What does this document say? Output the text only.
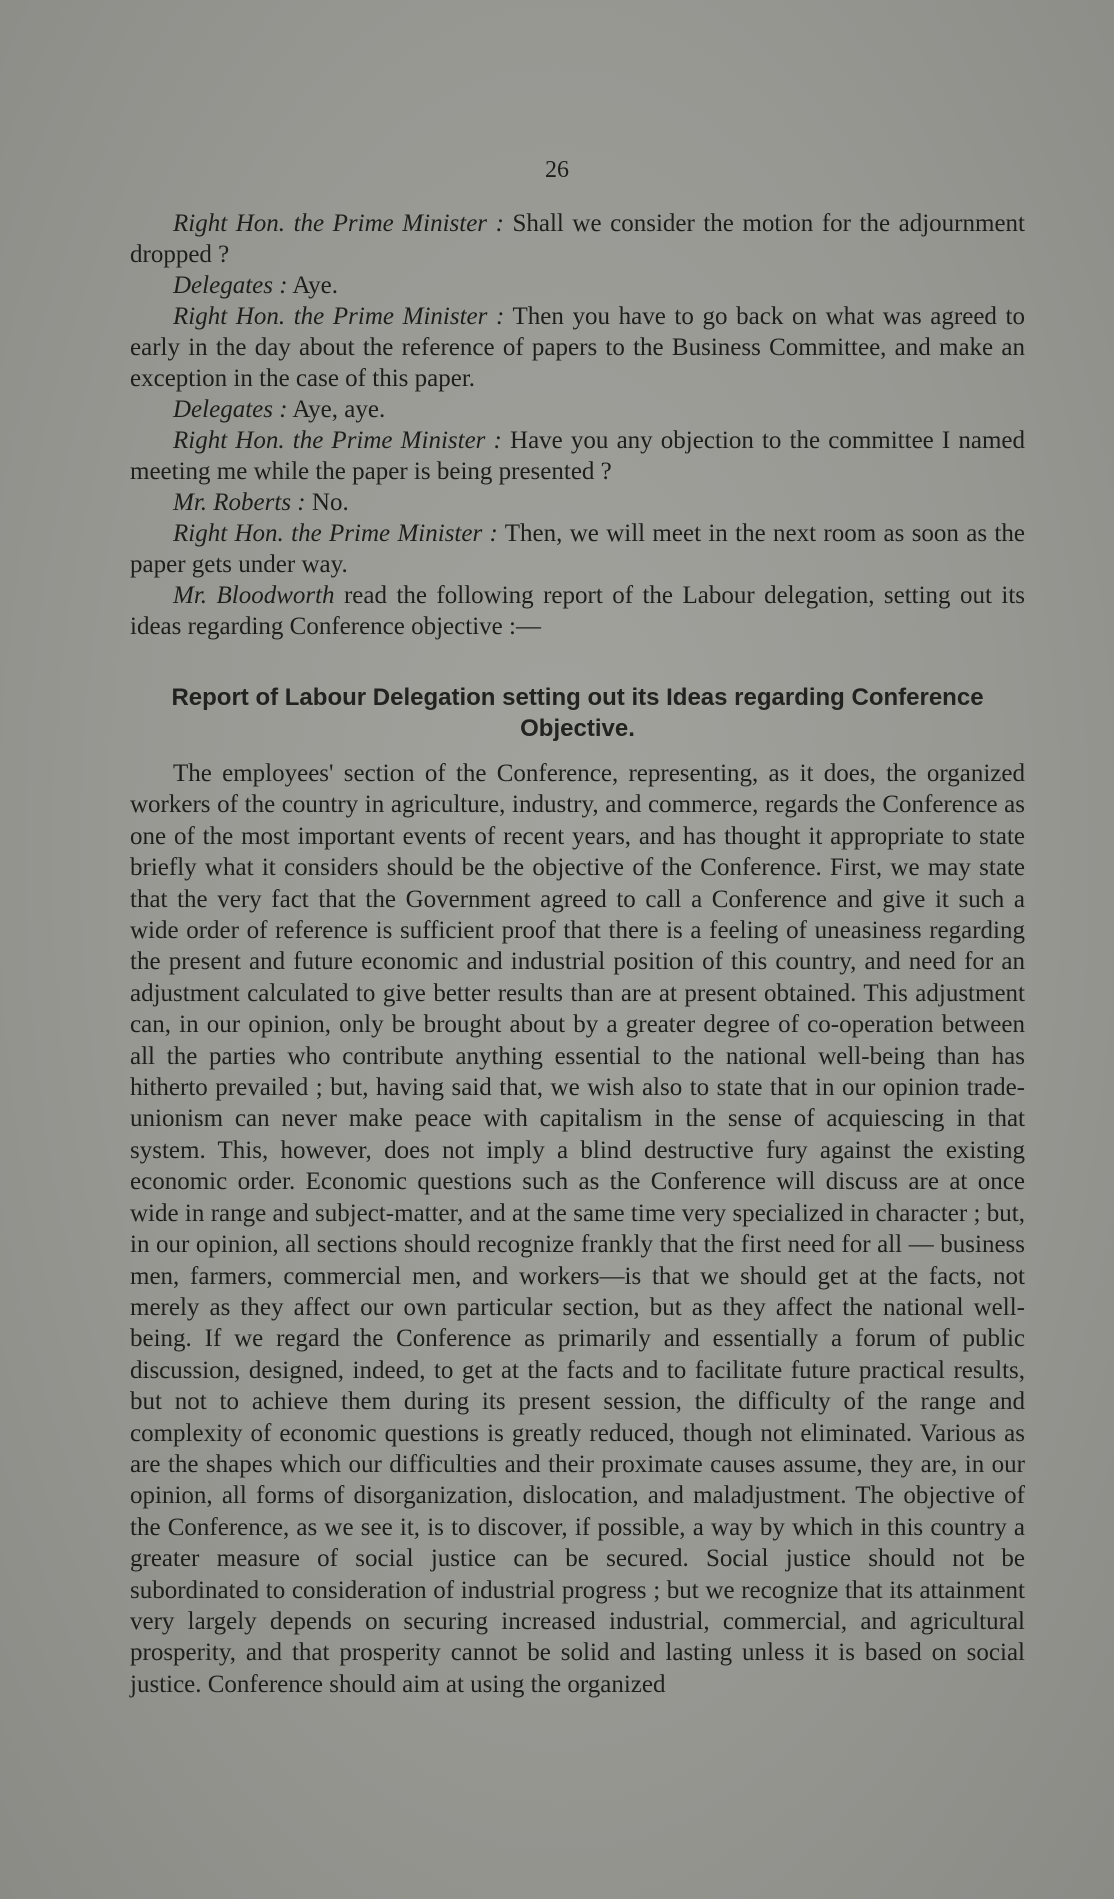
26

Right Hon. the Prime Minister : Shall we consider the motion for the adjournment dropped ?

Delegates : Aye.

Right Hon. the Prime Minister : Then you have to go back on what was agreed to early in the day about the reference of papers to the Business Committee, and make an exception in the case of this paper.

Delegates : Aye, aye.

Right Hon. the Prime Minister : Have you any objection to the committee I named meeting me while the paper is being presented ?

Mr. Roberts : No.

Right Hon. the Prime Minister : Then, we will meet in the next room as soon as the paper gets under way.

Mr. Bloodworth read the following report of the Labour delegation, setting out its ideas regarding Conference objective :—

Report of Labour Delegation setting out its Ideas regarding Conference Objective.

The employees' section of the Conference, representing, as it does, the organized workers of the country in agriculture, industry, and commerce, regards the Conference as one of the most important events of recent years, and has thought it appropriate to state briefly what it considers should be the objective of the Conference. First, we may state that the very fact that the Government agreed to call a Conference and give it such a wide order of reference is sufficient proof that there is a feeling of uneasiness regarding the present and future economic and industrial position of this country, and need for an adjustment calculated to give better results than are at present obtained. This adjustment can, in our opinion, only be brought about by a greater degree of co-operation between all the parties who contribute anything essential to the national well-being than has hitherto prevailed ; but, having said that, we wish also to state that in our opinion trade-unionism can never make peace with capitalism in the sense of acquiescing in that system. This, however, does not imply a blind destructive fury against the existing economic order. Economic questions such as the Conference will discuss are at once wide in range and subject-matter, and at the same time very specialized in character ; but, in our opinion, all sections should recognize frankly that the first need for all — business men, farmers, commercial men, and workers—is that we should get at the facts, not merely as they affect our own particular section, but as they affect the national well-being. If we regard the Conference as primarily and essentially a forum of public discussion, designed, indeed, to get at the facts and to facilitate future practical results, but not to achieve them during its present session, the difficulty of the range and complexity of economic questions is greatly reduced, though not eliminated. Various as are the shapes which our difficulties and their proximate causes assume, they are, in our opinion, all forms of disorganization, dislocation, and maladjustment. The objective of the Conference, as we see it, is to discover, if possible, a way by which in this country a greater measure of social justice can be secured. Social justice should not be subordinated to consideration of industrial progress ; but we recognize that its attainment very largely depends on securing increased industrial, commercial, and agricultural prosperity, and that prosperity cannot be solid and lasting unless it is based on social justice. Conference should aim at using the organized
